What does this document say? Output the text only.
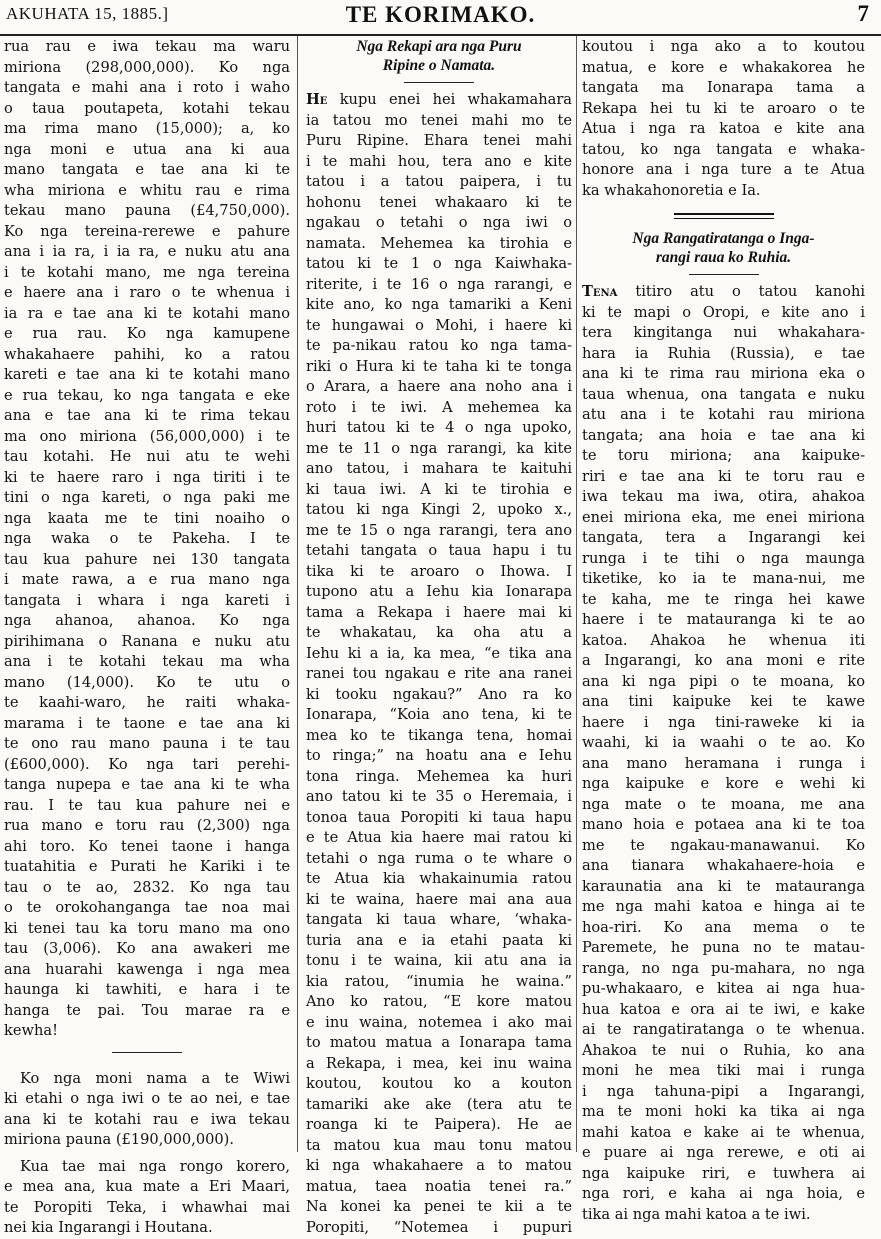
AKUHATA 15, 1885.]	TE KORIMAKO.	7
rua rau e iwa tekau ma waru
miriona (298,000,000). Ko nga
tangata e mahi ana i roto i waho
o taua poutapeta, kotahi tekau
ma rima mano (15,000); a, ko
nga moni e utua ana ki aua
mano tangata e tae ana ki te
wha miriona e whitu rau e rima
tekau mano pauna (£4,750,000).
Ko nga tereina-rerewe e pahure
ana i ia ra, i ia ra, e nuku atu ana
i te kotahi mano, me nga tereina
e haere ana i raro o te whenua i
ia ra e tae ana ki te kotahi mano
e rua rau. Ko nga kamupene
whakahaere pahihi, ko a ratou
kareti e tae ana ki te kotahi mano
e rua tekau, ko nga tangata e eke
ana e tae ana ki te rima tekau
ma ono miriona (56,000,000) i te
tau kotahi. He nui atu te wehi
ki te haere raro i nga tiriti i te
tini o nga kareti, o nga paki me
nga kaata me te tini noaiho o
nga waka o te Pakeha. I te
tau kua pahure nei 130 tangata
i mate rawa, a e rua mano nga
tangata i whara i nga kareti i
nga ahanoa, ahanoa. Ko nga
pirihimana o Ranana e nuku atu
ana i te kotahi tekau ma wha
mano (14,000). Ko te utu o
te kaahi-waro, he raiti whaka-
marama i te taone e tae ana ki
te ono rau mano pauna i te tau
(£600,000). Ko nga tari perehi-
tanga nupepa e tae ana ki te wha
rau. I te tau kua pahure nei e
rua mano e toru rau (2,300) nga
ahi toro. Ko tenei taone i hanga
tuatahitia e Purati he Kariki i te
tau o te ao, 2832. Ko nga tau
o te orokohanganga tae noa mai
ki tenei tau ka toru mano ma ono
tau (3,006). Ko ana awakeri me
ana huarahi kawenga i nga mea
haunga ki tawhiti, e hara i te
hanga te pai. Tou marae ra e
kewha!
Ko nga moni nama a te Wiwi
ki etahi o nga iwi o te ao nei, e tae
ana ki te kotahi rau e iwa tekau
miriona pauna (£190,000,000).
Kua tae mai nga rongo korero,
e mea ana, kua mate a Eri Maari,
te Poropiti Teka, i whawhai mai
nei kia Ingarangi i Houtana.
Nga Rekapi ara nga Puru
Ripine o Namata.
He kupu enei hei whakamahara
ia tatou mo tenei mahi mo te
Puru Ripine. Ehara tenei mahi
i te mahi hou, tera ano e kite
tatou i a tatou paipera, i tu
hohonu tenei whakaaro ki te
ngakau o tetahi o nga iwi o
namata. Mehemea ka tirohia e
tatou ki te 1 o nga Kaiwhaka-
riterite, i te 16 o nga rarangi, e
kite ano, ko nga tamariki a Keni
te hungawai o Mohi, i haere ki
te pa-nikau ratou ko nga tama-
riki o Hura ki te taha ki te tonga
o Arara, a haere ana noho ana i
roto i te iwi. A mehemea ka
huri tatou ki te 4 o nga upoko,
me te 11 o nga rarangi, ka kite
ano tatou, i mahara te kaituhi
ki taua iwi. A ki te tirohia e
tatou ki nga Kingi 2, upoko x.,
me te 15 o nga rarangi, tera ano
tetahi tangata o taua hapu i tu
tika ki te aroaro o Ihowa. I
tupono atu a Iehu kia Ionarapa
tama a Rekapa i haere mai ki
te whakatau, ka oha atu a
Iehu ki a ia, ka mea, “e tika ana
ranei tou ngakau e rite ana ranei
ki tooku ngakau?” Ano ra ko
Ionarapa, “Koia ano tena, ki te
mea ko te tikanga tena, homai
to ringa;” na hoatu ana e Iehu
tona ringa. Mehemea ka huri
ano tatou ki te 35 o Heremaia, i
tonoa taua Poropiti ki taua hapu
e te Atua kia haere mai ratou ki
tetahi o nga ruma o te whare o
te Atua kia whakainumia ratou
ki te waina, haere mai ana aua
tangata ki taua whare, ‘whaka-
turia ana e ia etahi paata ki
tonu i te waina, kii atu ana ia
kia ratou, “inumia he waina.”
Ano ko ratou, “E kore matou
e inu waina, notemea i ako mai
to matou matua a Ionarapa tama
a Rekapa, i mea, kei inu waina
koutou, koutou ko a kouton
tamariki ake ake (tera atu te
roanga ki te Paipera). He ae
ta matou kua mau tonu matou
ki nga whakahaere a to matou
matua, taea noatia tenei ra.”
Na konei ka penei te kii a te
Poropiti, “Notemea i pupuri
koutou i nga ako a to koutou
matua, e kore e whakakorea he
tangata ma Ionarapa tama a
Rekapa hei tu ki te aroaro o te
Atua i nga ra katoa e kite ana
tatou, ko nga tangata e whaka-
honore ana i nga ture a te Atua
ka whakahonoretia e Ia.
Nga Rangatiratanga o Inga-
rangi raua ko Ruhia.
Tena titiro atu o tatou kanohi
ki te mapi o Oropi, e kite ano i
tera kingitanga nui whakahara-
hara ia Ruhia (Russia), e tae
ana ki te rima rau miriona eka o
taua whenua, ona tangata e nuku
atu ana i te kotahi rau miriona
tangata; ana hoia e tae ana ki
te toru miriona; ana kaipuke-
riri e tae ana ki te toru rau e
iwa tekau ma iwa, otira, ahakoa
enei miriona eka, me enei miriona
tangata, tera a Ingarangi kei
runga i te tihi o nga maunga
tiketike, ko ia te mana-nui, me
te kaha, me te ringa hei kawe
haere i te matauranga ki te ao
katoa. Ahakoa he whenua iti
a Ingarangi, ko ana moni e rite
ana ki nga pipi o te moana, ko
ana tini kaipuke kei te kawe
haere i nga tini-raweke ki ia
waahi, ki ia waahi o te ao. Ko
ana mano heramana i runga i
nga kaipuke e kore e wehi ki
nga mate o te moana, me ana
mano hoia e potaea ana ki te toa
me te ngakau-manawanui. Ko
ana tianara whakahaere-hoia e
karaunatia ana ki te matauranga
me nga mahi katoa e hinga ai te
hoa-riri. Ko ana mema o te
Paremete, he puna no te matau-
ranga, no nga pu-mahara, no nga
pu-whakaaro, e kitea ai nga hua-
hua katoa e ora ai te iwi, e kake
ai te rangatiratanga o te whenua.
Ahakoa te nui o Ruhia, ko ana
moni he mea tiki mai i runga
i nga tahuna-pipi a Ingarangi,
ma te moni hoki ka tika ai nga
mahi katoa e kake ai te whenua,
e puare ai nga rerewe, e oti ai
nga kaipuke riri, e tuwhera ai
nga rori, e kaha ai nga hoia, e
tika ai nga mahi katoa a te iwi.
